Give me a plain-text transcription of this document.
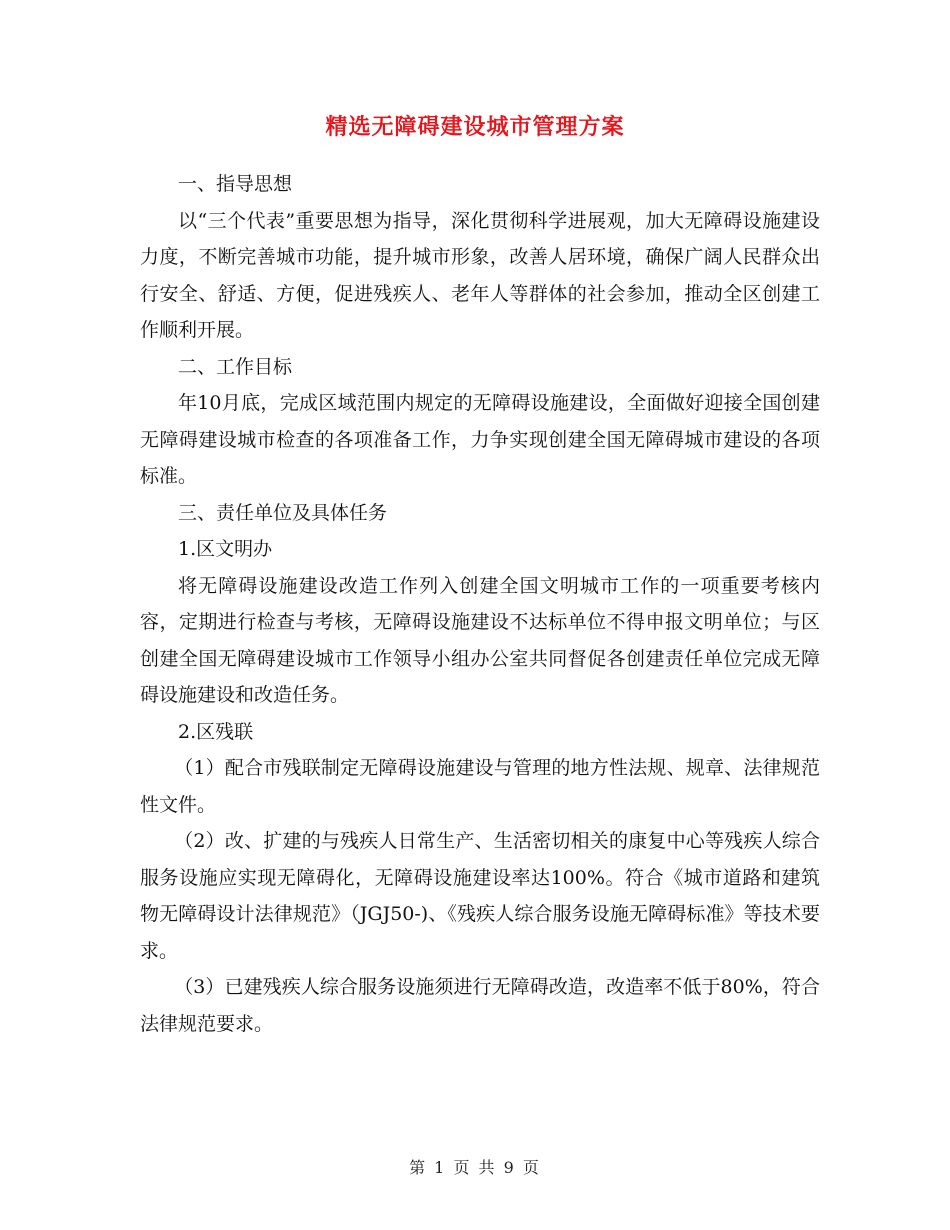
精选无障碍建设城市管理方案

一、指导思想

以“三个代表”重要思想为指导，深化贯彻科学进展观，加大无障碍设施建设力度，不断完善城市功能，提升城市形象，改善人居环境，确保广阔人民群众出行安全、舒适、方便，促进残疾人、老年人等群体的社会参加，推动全区创建工作顺利开展。

二、工作目标

年10月底，完成区域范围内规定的无障碍设施建设，全面做好迎接全国创建无障碍建设城市检查的各项准备工作，力争实现创建全国无障碍城市建设的各项标准。

三、责任单位及具体任务

1.区文明办

将无障碍设施建设改造工作列入创建全国文明城市工作的一项重要考核内容，定期进行检查与考核，无障碍设施建设不达标单位不得申报文明单位；与区创建全国无障碍建设城市工作领导小组办公室共同督促各创建责任单位完成无障碍设施建设和改造任务。

2.区残联

（1）配合市残联制定无障碍设施建设与管理的地方性法规、规章、法律规范性文件。

（2）改、扩建的与残疾人日常生产、生活密切相关的康复中心等残疾人综合服务设施应实现无障碍化，无障碍设施建设率达100%。符合《城市道路和建筑物无障碍设计法律规范》（JGJ50-)、《残疾人综合服务设施无障碍标准》等技术要求。

（3）已建残疾人综合服务设施须进行无障碍改造，改造率不低于80%，符合法律规范要求。

第 1 页 共 9 页
